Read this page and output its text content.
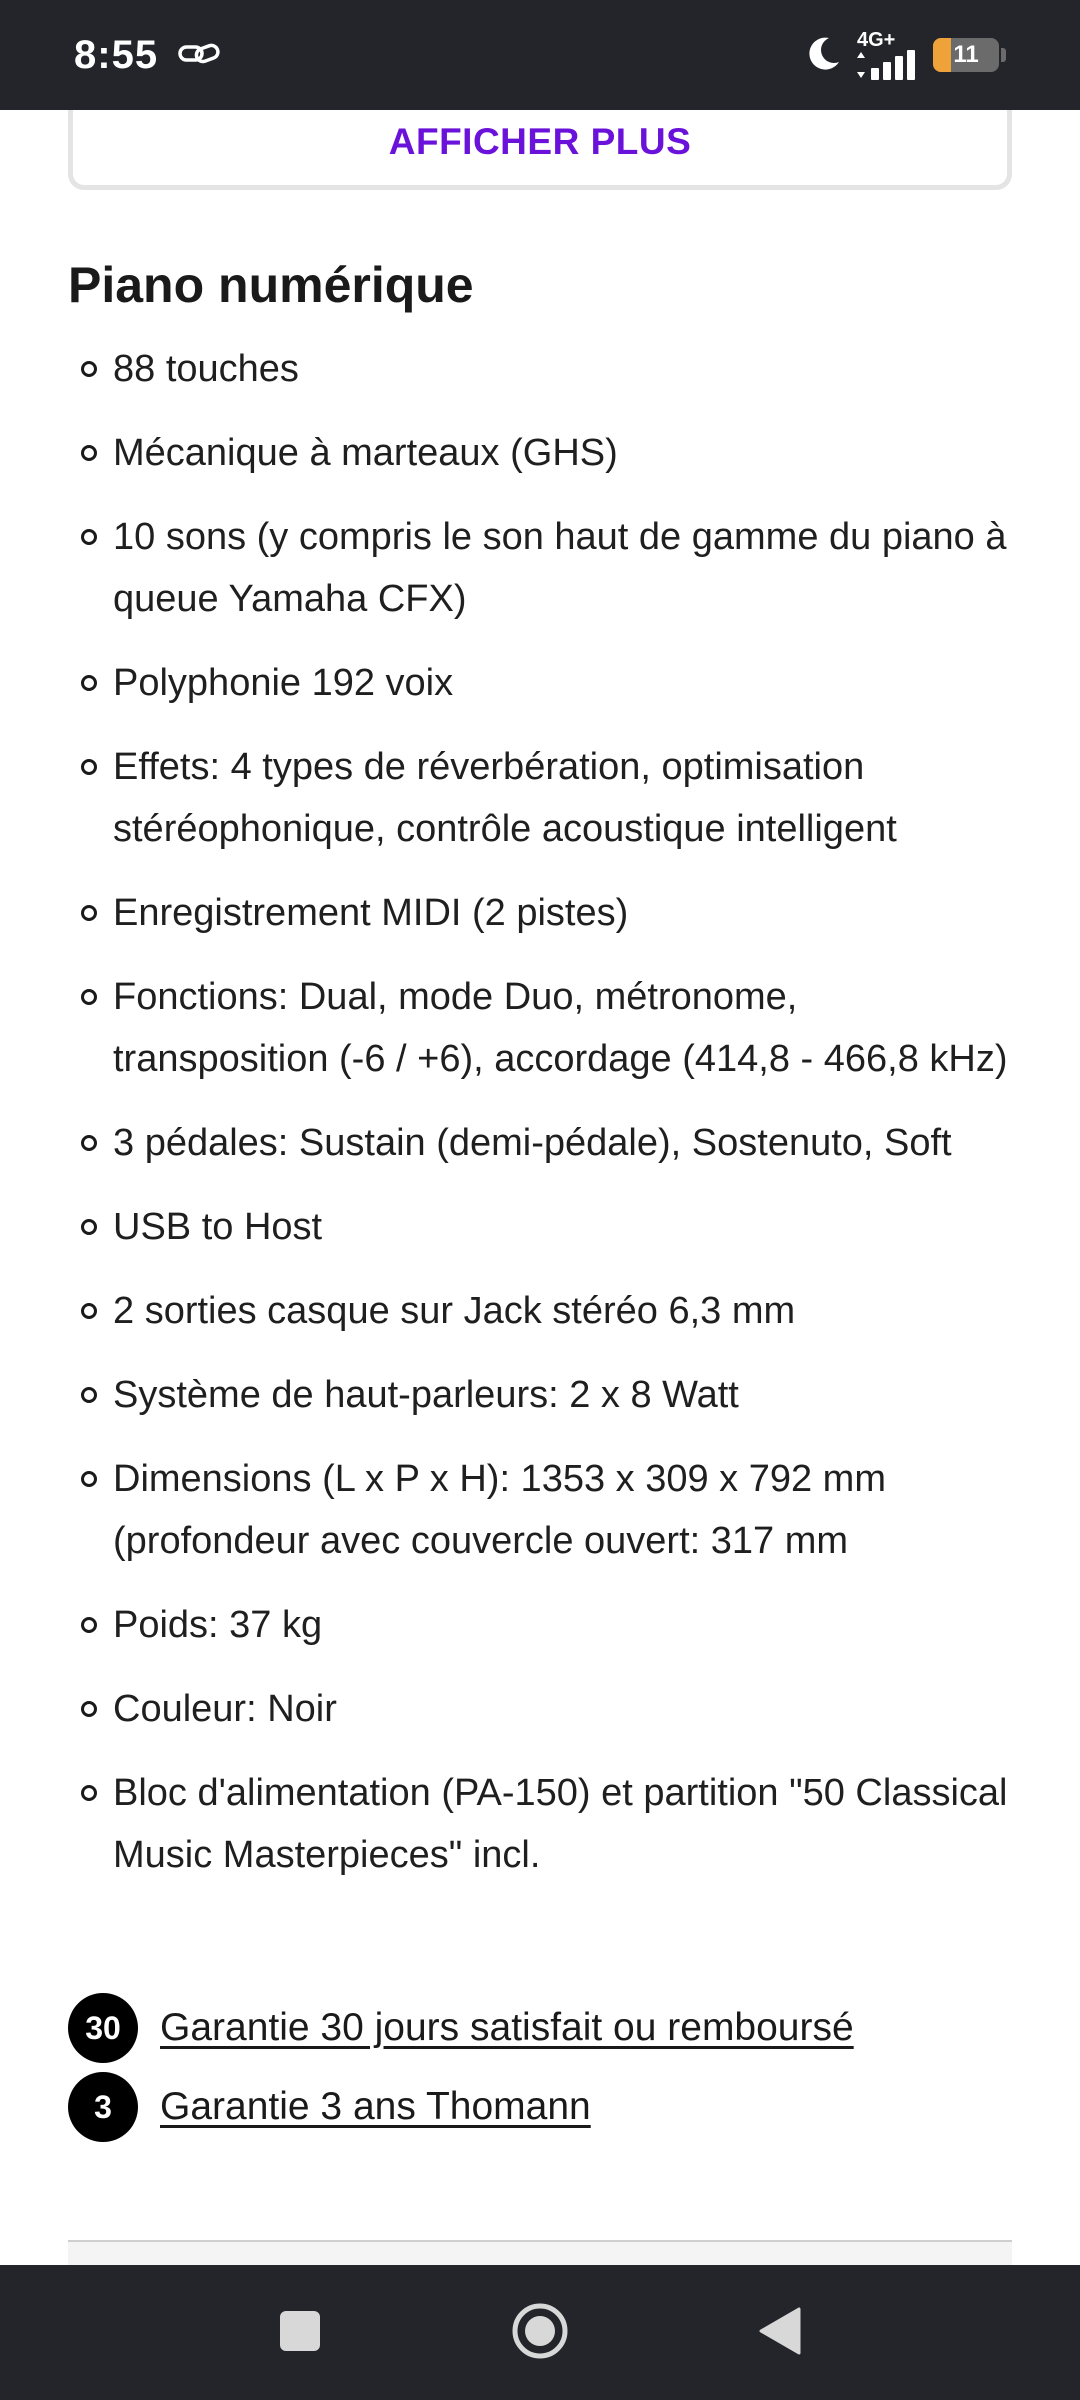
8:55	4G+
11
AFFICHER PLUS
Piano numérique
88 touches
Mécanique à marteaux (GHS)
10 sons (y compris le son haut de gamme du piano à queue Yamaha CFX)
Polyphonie 192 voix
Effets: 4 types de réverbération, optimisation stéréophonique, contrôle acoustique intelligent
Enregistrement MIDI (2 pistes)
Fonctions: Dual, mode Duo, métronome, transposition (-6 / +6), accordage (414,8 - 466,8 kHz)
3 pédales: Sustain (demi-pédale), Sostenuto, Soft
USB to Host
2 sorties casque sur Jack stéréo 6,3 mm
Système de haut-parleurs: 2 x 8 Watt
Dimensions (L x P x H): 1353 x 309 x 792 mm (profondeur avec couvercle ouvert: 317 mm
Poids: 37 kg
Couleur: Noir
Bloc d'alimentation (PA-150) et partition "50 Classical Music Masterpieces" incl.
30	Garantie 30 jours satisfait ou remboursé
3	Garantie 3 ans Thomann
